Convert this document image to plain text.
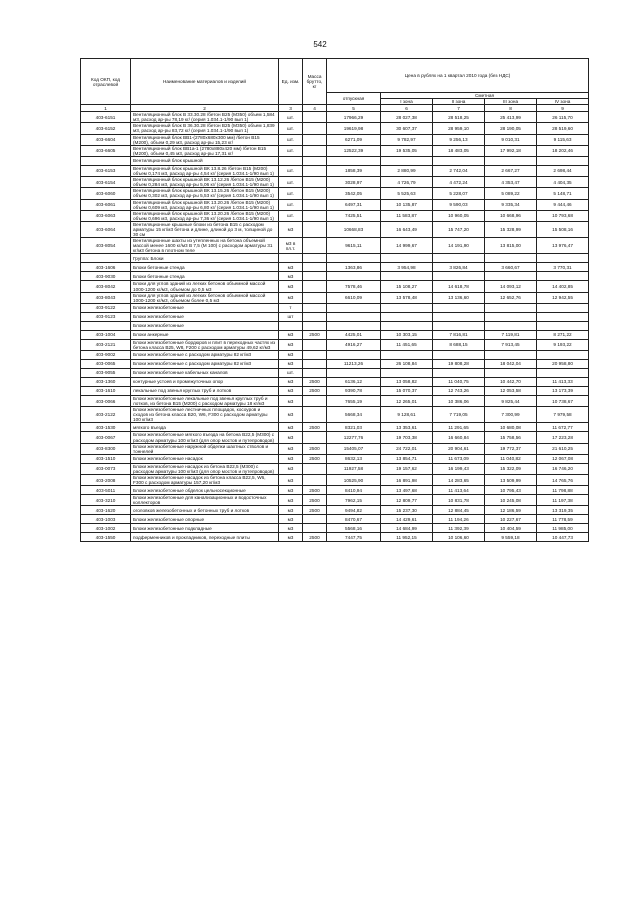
542
Код ОКП, код отраслевой	Наименование материалов и изделий	Ед. изм.	Масса брутто, кг	Цена в рублях на 1 квартал 2010 года (без НДС)				
				отпускная	Сметная			
					I зона	II зона	III зона	IV зона
1	2	3	4	5	6	7	8	9
403-6151	Вентиляционный блок В 33.30.28 /бетон В25 (М350) объем 1,584 м3, расход ар-ры 78,19 кг/ (серия 1.034.1-1/90 вып 1)	шт.		17966,29	28 027,38	28 518,25	25 413,99	26 115,70
403-6152	Вентиляционный блок В 36.30.28 /бетон В25 (М350) объем 1,839 м3, расход ар-ры 83,72 кг/ (серия 1.034.1-1/90 вып 1)	шт.		19619,98	30 607,37	28 959,10	28 190,05	28 519,60
403-6604	Вентиляционный блок ВВ1-(2780х680х300 мм) /бетон В15 (М200), объем 0,29 м3, расход ар-ры 15,23 кг/	шт.		6271,09	9 782,97	9 256,13	9 010,31	9 115,63
403-6605	Вентиляционный блок ВВ1а-1 (2780х880х420 мм) /бетон В15 (М200), объем 0,45 м3, расход ар-ры 17,31 кг/	шт.		12522,39	19 535,05	18 483,05	17 992,18	18 202,46
	Вентиляционный блок крышной							
403-6153	Вентиляционный блок крышной ВК 13.8.26 /бетон В15 (М200) объем 0,174 м3, расход ар-ры 4,54 кг/ (серия 1.034.1-1/90 вып 1)	шт.		1858,39	2 880,99	2 742,04	2 667,27	2 698,44
403-6154	Вентиляционный блок крышной ВК 13.12.26 /бетон В15 (М200) объем 0,284 м3, расход ар-ры 5,06 кг/ (серия 1.034.1-1/90 вып 1)	шт.		3028,97	4 726,79	4 472,24	4 353,47	4 404,35
403-6060	Вентиляционный блок крышной ВК 13.15.26 /бетон В15 (М200) объем 0,302 м3, расход ар-ры 5,53 кг/ (серия 1.034.1-1/90 вып 1)	шт.		3542,05	5 525,63	5 228,07	5 089,22	5 148,71
403-6061	Вентиляционный блок крышной ВК 13.20.26 /бетон В15 (М200) объем 0,609 м3, расход ар-ры 6,80 кг/ (серия 1.034.1-1/90 вып 1)	шт.		6497,31	10 135,87	9 590,03	9 335,34	9 444,46
403-6063	Вентиляционный блок крышной ВК 13.20.26 /бетон В15 (М200) объем 0,696 м3, расход ар-ры 7,36 кг/ (серия 1.034.1-1/90 вып 1)	шт.		7425,51	11 583,87	10 960,05	10 668,96	10 793,68
403-6064	Вентиляционные крышные блоки из бетона В15 с расходом арматуры 15 кг/м3 бетона и длине, длиной до 3 м, толщиной до 30 см	м3		10668,83	16 643,49	15 747,20	15 328,99	15 508,16
403-8054	Вентиляционные шахты из утепленных на бетона объемной массой менее 1600 кг/м3 В 7,5 (М 100) с расходом арматуры 31 кг/м3 бетона в плотном теле	м3 в пл.т.		9615,11	14 999,67	14 191,90	13 815,00	13 976,47
	Группа: Блоки							
403-1606	Блоки бетонные стенда	м3		1363,86	3 954,98	3 826,84	3 660,67	3 770,31
403-9030	Блоки бетонные стенда	м3						
403-8042	Блоки для углов зданий из легких бетонов объемной массой 1000-1200 кг/м3, объемом до 0,5 м3	м3		7578,46	15 108,27	14 618,78	14 093,12	14 402,85
403-8043	Блоки для углов зданий из легких бетонов объемной массой 1000-1200 кг/м3, объемом более 0,5 м3	м3		6610,09	13 578,48	13 136,60	12 652,76	12 942,55
403-9122	Блоки железобетонные	т						
403-9123	Блоки железобетонные	шт						
	Блоки железобетонные							
403-1004	Блоки анкерные	м3	2500	4425,01	10 303,15	7 816,81	7 119,81	8 271,22
403-2121	Блоки железобетонные бордюров и плит в переходных частях из бетона класса В25, W8, F200 с расходом арматуры 49,62 кг/м3	м3		4916,27	11 451,65	8 688,15	7 913,45	9 193,22
403-9002	Блоки железобетонные с расходом арматуры 82 кг/м3	м3						
403-0065	Блоки железобетонные с расходом арматуры 82 кг/м3	м3		11213,26	26 108,84	19 808,28	18 042,04	20 958,80
403-9055	Блоки железобетонные кабельных каналов	шт.						
403-1360	контурные устоев и промежуточных опор	м3	2500	6136,12	13 058,82	11 040,75	10 442,70	11 413,33
403-1610	лекальные под звенья круглых труб и лотков	м3	2500	9390,78	15 070,37	12 743,26	12 053,58	13 173,39
403-0066	Блоки железобетонные лекальные под звенья круглых труб и лотков, из бетона В15 (М200) с расходом арматуры 18 кг/м3	м3		7655,19	12 265,01	10 386,06	9 825,44	10 738,67
403-2122	Блоки железобетонные лестничных площадок, косоуров и сходов из бетона класса В20, W6, F300 с расходом арматуры 100 кг/м3	м3		5668,34	9 128,61	7 719,05	7 300,99	7 979,58
403-1530	мягкого въезда	м3	2500	8321,03	13 353,61	11 291,65	10 680,08	11 672,77
403-0067	Блоки железобетонные мягкого въезда на бетона В22,5 (М300) с расходом арматуры 100 кг/м3 (для опор мостов и путепроводов)	м3		12277,76	19 703,38	16 660,84	15 758,56	17 223,28
403-8300	Блоки железобетонные наружной обделки шахтных стволов и тоннелей	м3	2500	15405,07	24 722,01	20 904,61	19 772,37	21 610,25
403-1510	Блоки железобетонные насадок	м3	2500	8632,13	13 854,71	11 673,09	11 040,82	12 067,08
403-0073	Блоки железобетонные насадок из бетона В22,5 (М300) с расходом арматуры 100 кг/м3 (для опор мостов и путепроводов)	м3		11927,58	19 157,62	16 199,43	15 322,09	16 746,20
403-2008	Блоки железобетонные насадок из бетона класса В22,5, W6, F300 с расходом арматуры 157,20 кг/м3	м3		10525,90	16 891,98	14 283,65	13 509,99	14 765,76
403-5011	Блоки железобетонные обделок цельносекционные	м3	2500	8410,94	13 497,68	11 413,64	10 795,43	11 798,88
403-3210	Блоки железобетонные для канализационных и водосточных коллекторов	м3	2500	7962,15	12 809,77	10 831,78	10 245,08	11 197,38
403-1620	оголовков железобетонных и бетонных труб и лотков	м3	2500	9494,82	15 237,30	12 884,45	12 186,59	13 319,35
403-1003	Блоки железобетонные опорные	м3		8470,67	14 429,61	11 194,26	10 227,67	11 778,59
403-1002	Блоки железобетонные подкладные	м3		5568,16	14 684,99	11 392,39	10 404,59	11 985,00
403-1550	подферменников и прокладников, переходные плиты	м3	2500	7447,75	11 952,15	10 106,60	9 559,18	10 447,73
